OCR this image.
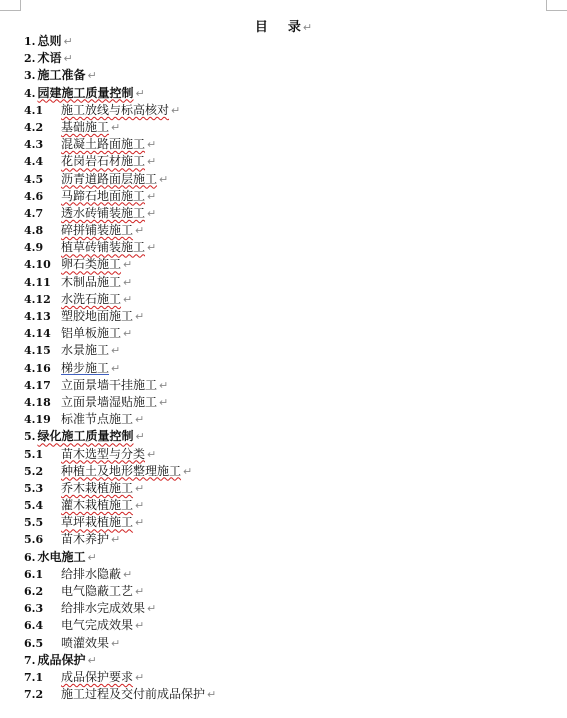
目 录 ↵
1. 总则 ↵
2. 术语 ↵
3. 施工准备 ↵
4. 园建施工质量控制 ↵
4.1 施工放线与标高核对 ↵
4.2 基础施工 ↵
4.3 混凝土路面施工 ↵
4.4 花岗岩石材施工 ↵
4.5 沥青道路面层施工 ↵
4.6 马蹄石地面施工 ↵
4.7 透水砖铺装施工 ↵
4.8 碎拼铺装施工 ↵
4.9 植草砖铺装施工 ↵
4.10 卵石类施工 ↵
4.11 木制品施工 ↵
4.12 水洗石施工 ↵
4.13 塑胶地面施工 ↵
4.14 铝单板施工 ↵
4.15 水景施工 ↵
4.16 梯步施工 ↵
4.17 立面景墙干挂施工 ↵
4.18 立面景墙湿贴施工 ↵
4.19 标准节点施工 ↵
5. 绿化施工质量控制 ↵
5.1 苗木选型与分类 ↵
5.2 种植土及地形整理施工 ↵
5.3 乔木栽植施工 ↵
5.4 灌木栽植施工 ↵
5.5 草坪栽植施工 ↵
5.6 苗木养护 ↵
6. 水电施工 ↵
6.1 给排水隐蔽 ↵
6.2 电气隐蔽工艺 ↵
6.3 给排水完成效果 ↵
6.4 电气完成效果 ↵
6.5 喷灌效果 ↵
7. 成品保护 ↵
7.1 成品保护要求 ↵
7.2 施工过程及交付前成品保护 ↵
